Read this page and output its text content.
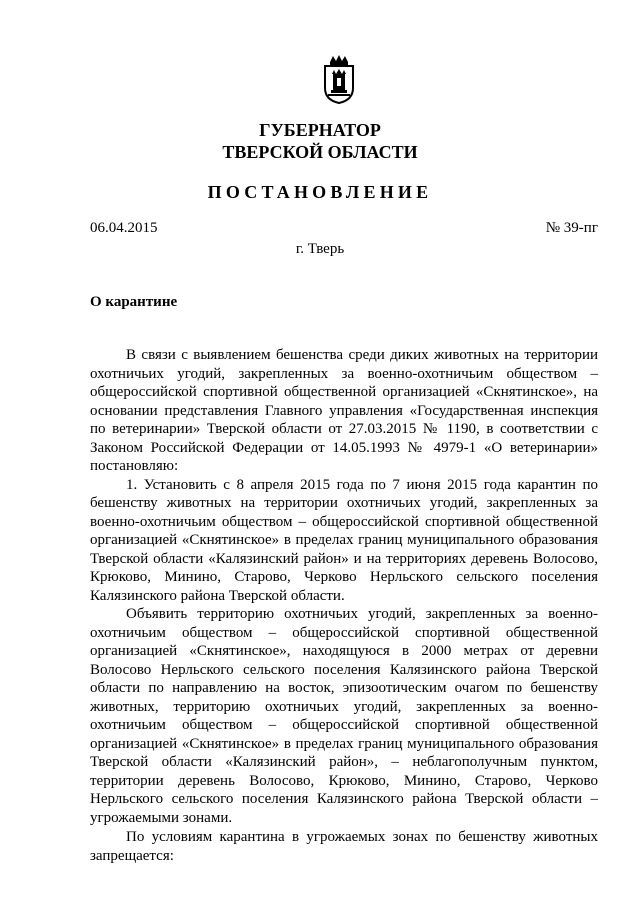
ГУБЕРНАТОР
ТВЕРСКОЙ ОБЛАСТИ
ПОСТАНОВЛЕНИЕ
06.04.2015	№ 39-пг
г. Тверь
О карантине

В связи с выявлением бешенства среди диких животных на территории охотничьих угодий, закрепленных за военно-охотничьим обществом – общероссийской спортивной общественной организацией «Скнятинское», на основании представления Главного управления «Государственная инспекция по ветеринарии» Тверской области от 27.03.2015 № 1190, в соответствии с Законом Российской Федерации от 14.05.1993 № 4979-1 «О ветеринарии» постановляю:

1. Установить с 8 апреля 2015 года по 7 июня 2015 года карантин по бешенству животных на территории охотничьих угодий, закрепленных за военно-охотничьим обществом – общероссийской спортивной общественной организацией «Скнятинское» в пределах границ муниципального образования Тверской области «Калязинский район» и на территориях деревень Волосово, Крюково, Минино, Старово, Черково Нерльского сельского поселения Калязинского района Тверской области.

Объявить территорию охотничьих угодий, закрепленных за военно-охотничьим обществом – общероссийской спортивной общественной организацией «Скнятинское», находящуюся в 2000 метрах от деревни Волосово Нерльского сельского поселения Калязинского района Тверской области по направлению на восток, эпизоотическим очагом по бешенству животных, территорию охотничьих угодий, закрепленных за военно-охотничьим обществом – общероссийской спортивной общественной организацией «Скнятинское» в пределах границ муниципального образования Тверской области «Калязинский район», – неблагополучным пунктом, территории деревень Волосово, Крюково, Минино, Старово, Черково Нерльского сельского поселения Калязинского района Тверской области – угрожаемыми зонами.

По условиям карантина в угрожаемых зонах по бешенству животных запрещается:
